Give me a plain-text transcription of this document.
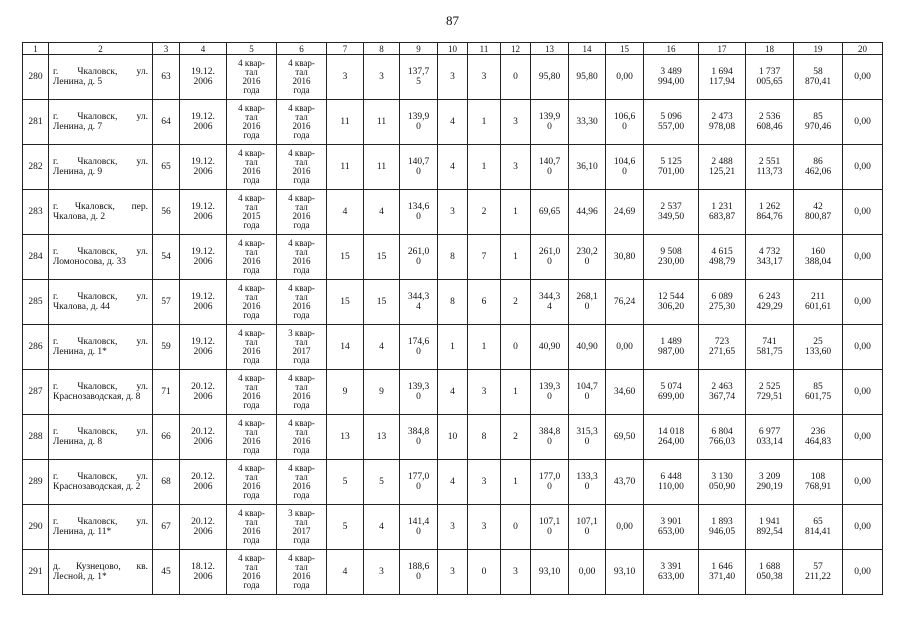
87
1	2	3	4	5	6	7	8	9	10	11	12	13	14	15	16	17	18	19	20
280	г. Чкаловск, ул. Ленина, д. 5	63	19.12.
2006	4 квар-
тал
2016
года	4 квар-
тал
2016
года	3	3	137,7
5	3	3	0	95,80	95,80	0,00	3 489
994,00	1 694
117,94	1 737
005,65	58
870,41	0,00
281	г. Чкаловск, ул. Ленина, д. 7	64	19.12.
2006	4 квар-
тал
2016
года	4 квар-
тал
2016
года	11	11	139,9
0	4	1	3	139,9
0	33,30	106,6
0	5 096
557,00	2 473
978,08	2 536
608,46	85
970,46	0,00
282	г. Чкаловск, ул. Ленина, д. 9	65	19.12.
2006	4 квар-
тал
2016
года	4 квар-
тал
2016
года	11	11	140,7
0	4	1	3	140,7
0	36,10	104,6
0	5 125
701,00	2 488
125,21	2 551
113,73	86
462,06	0,00
283	г. Чкаловск, пер. Чкалова, д. 2	56	19.12.
2006	4 квар-
тал
2015
года	4 квар-
тал
2016
года	4	4	134,6
0	3	2	1	69,65	44,96	24,69	2 537
349,50	1 231
683,87	1 262
864,76	42
800,87	0,00
284	г. Чкаловск, ул. Ломоносова, д. 33	54	19.12.
2006	4 квар-
тал
2016
года	4 квар-
тал
2016
года	15	15	261,0
0	8	7	1	261,0
0	230,2
0	30,80	9 508
230,00	4 615
498,79	4 732
343,17	160
388,04	0,00
285	г. Чкаловск, ул. Чкалова, д. 44	57	19.12.
2006	4 квар-
тал
2016
года	4 квар-
тал
2016
года	15	15	344,3
4	8	6	2	344,3
4	268,1
0	76,24	12 544
306,20	6 089
275,30	6 243
429,29	211
601,61	0,00
286	г. Чкаловск, ул. Ленина, д. 1*	59	19.12.
2006	4 квар-
тал
2016
года	3 квар-
тал
2017
года	14	4	174,6
0	1	1	0	40,90	40,90	0,00	1 489
987,00	723
271,65	741
581,75	25
133,60	0,00
287	г. Чкаловск, ул. Краснозаводская, д. 8	71	20.12.
2006	4 квар-
тал
2016
года	4 квар-
тал
2016
года	9	9	139,3
0	4	3	1	139,3
0	104,7
0	34,60	5 074
699,00	2 463
367,74	2 525
729,51	85
601,75	0,00
288	г. Чкаловск, ул. Ленина, д. 8	66	20.12.
2006	4 квар-
тал
2016
года	4 квар-
тал
2016
года	13	13	384,8
0	10	8	2	384,8
0	315,3
0	69,50	14 018
264,00	6 804
766,03	6 977
033,14	236
464,83	0,00
289	г. Чкаловск, ул. Краснозаводская, д. 2	68	20.12.
2006	4 квар-
тал
2016
года	4 квар-
тал
2016
года	5	5	177,0
0	4	3	1	177,0
0	133,3
0	43,70	6 448
110,00	3 130
050,90	3 209
290,19	108
768,91	0,00
290	г. Чкаловск, ул. Ленина, д. 11*	67	20.12.
2006	4 квар-
тал
2016
года	3 квар-
тал
2017
года	5	4	141,4
0	3	3	0	107,1
0	107,1
0	0,00	3 901
653,00	1 893
946,05	1 941
892,54	65
814,41	0,00
291	д. Кузнецово, кв. Лесной, д. 1*	45	18.12.
2006	4 квар-
тал
2016
года	4 квар-
тал
2016
года	4	3	188,6
0	3	0	3	93,10	0,00	93,10	3 391
633,00	1 646
371,40	1 688
050,38	57
211,22	0,00
